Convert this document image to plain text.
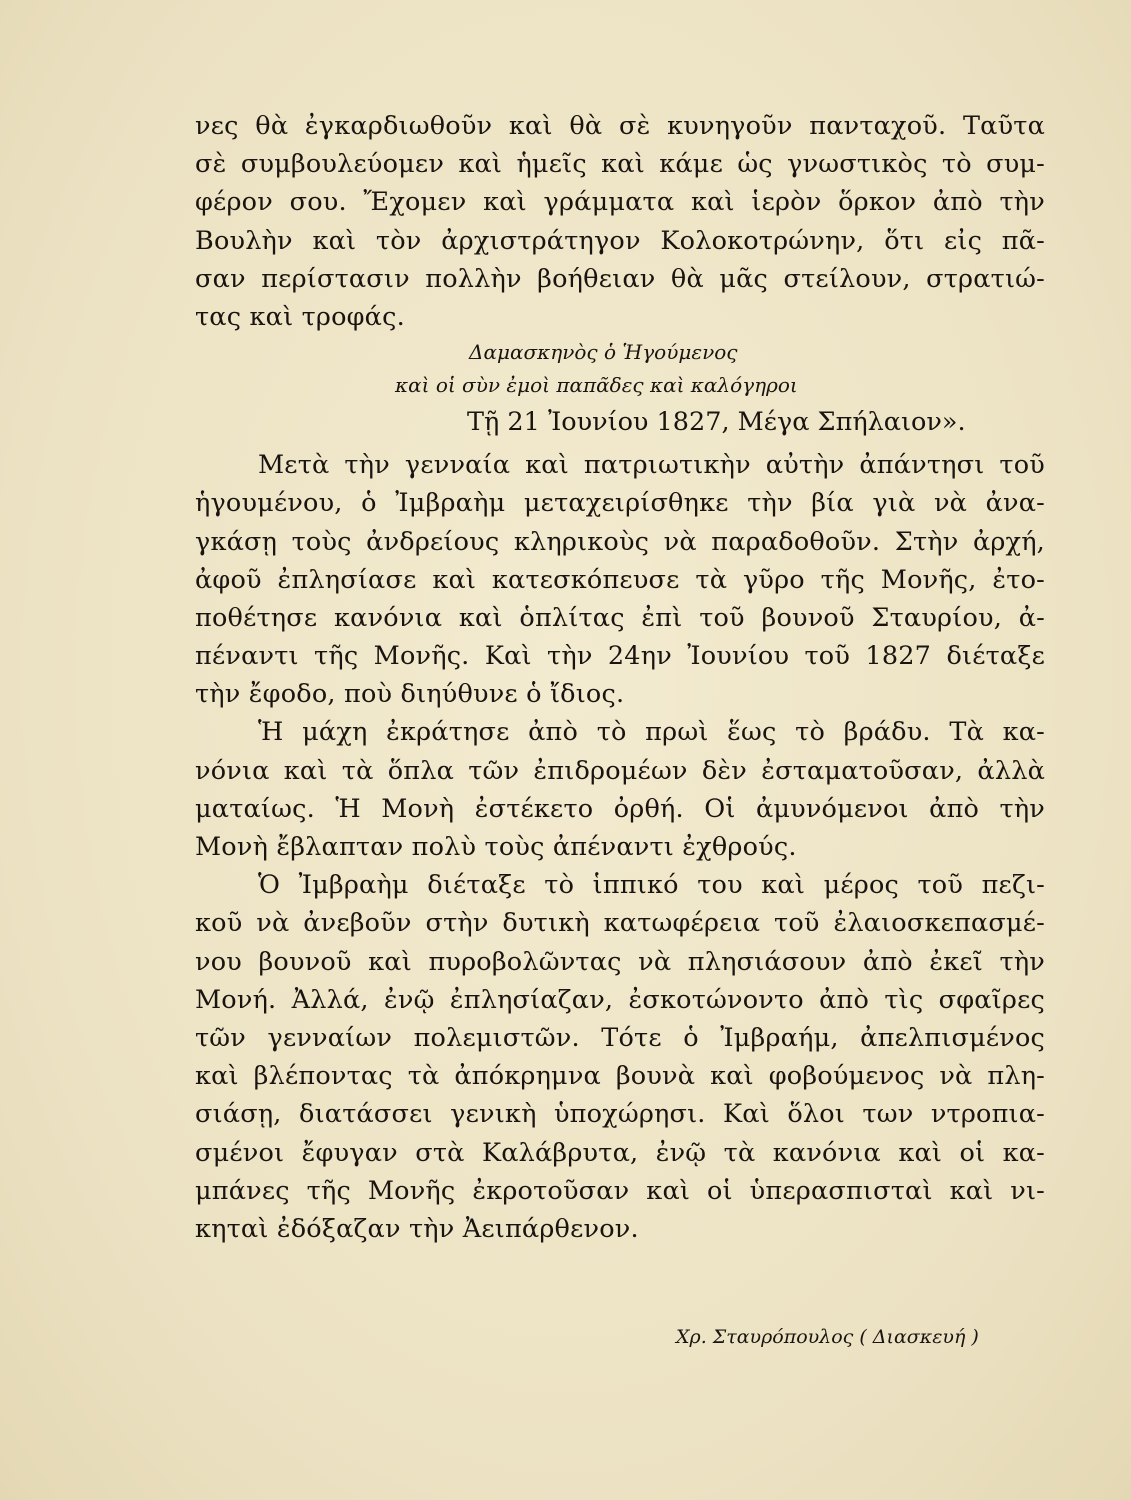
νες θὰ ἐγκαρδιωθοῦν καὶ θὰ σὲ κυνηγοῦν πανταχοῦ. Ταῦτα
σὲ συμβουλεύομεν καὶ ἡμεῖς καὶ κάμε ὡς γνωστικὸς τὸ συμ-
φέρον σου. Ἔχομεν καὶ γράμματα καὶ ἱερὸν ὅρκον ἀπὸ τὴν
Βουλὴν καὶ τὸν ἀρχιστράτηγον Κολοκοτρώνην, ὅτι εἰς πᾶ-
σαν περίστασιν πολλὴν βοήθειαν θὰ μᾶς στείλουν, στρατιώ-
τας καὶ τροφάς.
Δαμασκηνὸς ὁ Ἡγούμενος
καὶ οἱ σὺν ἐμοὶ παπᾶδες καὶ καλόγηροι
Τῇ 21 Ἰουνίου 1827, Μέγα Σπήλαιον».
Μετὰ τὴν γενναία καὶ πατριωτικὴν αὐτὴν ἀπάντησι τοῦ
ἡγουμένου, ὁ Ἰμβραὴμ μεταχειρίσθηκε τὴν βία γιὰ νὰ ἀνα-
γκάσῃ τοὺς ἀνδρείους κληρικοὺς νὰ παραδοθοῦν. Στὴν ἀρχή,
ἀφοῦ ἐπλησίασε καὶ κατεσκόπευσε τὰ γῦρο τῆς Μονῆς, ἐτο-
ποθέτησε κανόνια καὶ ὁπλίτας ἐπὶ τοῦ βουνοῦ Σταυρίου, ἀ-
πέναντι τῆς Μονῆς. Καὶ τὴν 24ην Ἰουνίου τοῦ 1827 διέταξε
τὴν ἔφοδο, ποὺ διηύθυνε ὁ ἴδιος.
Ἡ μάχη ἐκράτησε ἀπὸ τὸ πρωὶ ἕως τὸ βράδυ. Τὰ κα-
νόνια καὶ τὰ ὅπλα τῶν ἐπιδρομέων δὲν ἐσταματοῦσαν, ἀλλὰ
ματαίως. Ἡ Μονὴ ἐστέκετο ὀρθή. Οἱ ἀμυνόμενοι ἀπὸ τὴν
Μονὴ ἔβλαπταν πολὺ τοὺς ἀπέναντι ἐχθρούς.
Ὁ Ἰμβραὴμ διέταξε τὸ ἱππικό του καὶ μέρος τοῦ πεζι-
κοῦ νὰ ἀνεβοῦν στὴν δυτικὴ κατωφέρεια τοῦ ἐλαιοσκεπασμέ-
νου βουνοῦ καὶ πυροβολῶντας νὰ πλησιάσουν ἀπὸ ἐκεῖ τὴν
Μονή. Ἀλλά, ἐνῷ ἐπλησίαζαν, ἐσκοτώνοντο ἀπὸ τὶς σφαῖρες
τῶν γενναίων πολεμιστῶν. Τότε ὁ Ἰμβραήμ, ἀπελπισμένος
καὶ βλέποντας τὰ ἀπόκρημνα βουνὰ καὶ φοβούμενος νὰ πλη-
σιάσῃ, διατάσσει γενικὴ ὑποχώρησι. Καὶ ὅλοι των ντροπια-
σμένοι ἔφυγαν στὰ Καλάβρυτα, ἐνῷ τὰ κανόνια καὶ οἱ κα-
μπάνες τῆς Μονῆς ἐκροτοῦσαν καὶ οἱ ὑπερασπισταὶ καὶ νι-
κηταὶ ἐδόξαζαν τὴν Ἀειπάρθενον.
Χρ. Σταυρόπουλος ( Διασκευή )
